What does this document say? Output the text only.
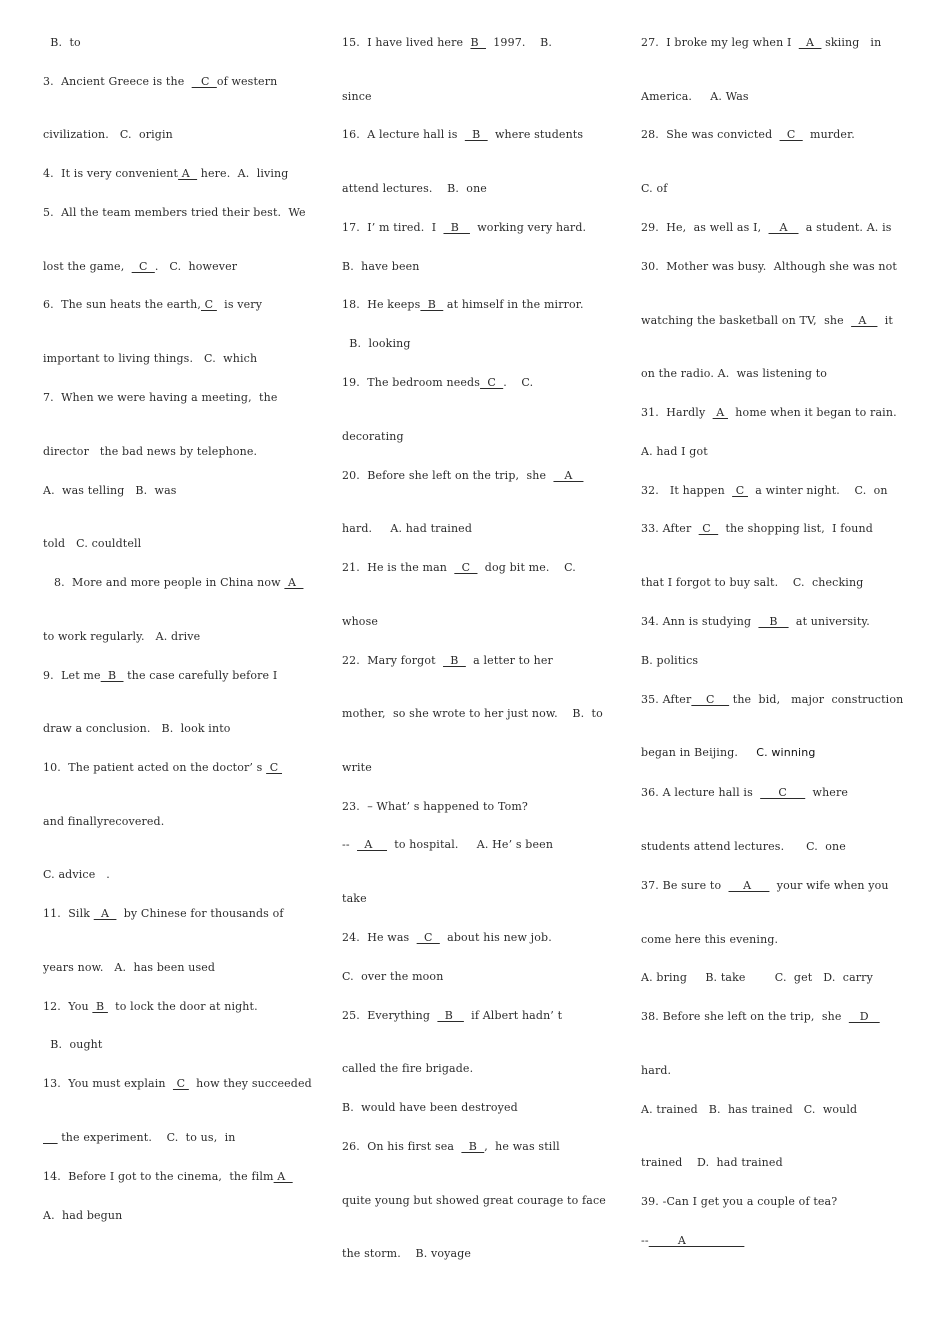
B.  to
3.  Ancient Greece is the   _C  of western
civilization.   C.  origin
4.  It is very convenient A   here.  A.  living
5.  All the team members tried their best.  We
lost the game,    C  .   C.  however
6.  The sun heats the earth, C   is very
important to living things.   C.  which
7.  When we were having a meeting,  the
director   the bad news by telephone.
A.  was telling   B.  was
told   C. couldtell
8.  More and more people in China now  A
to work regularly.   A. drive
9.  Let me  B   the case carefully before I
draw a conclusion.   B.  look into
10.  The patient acted on the doctor’ s  C
and finallyrecovered.
C. advice   .
11.  Silk   A    by Chinese for thousands of
years now.   A.  has been used
12.  You  B   to lock the door at night.
B.  ought
13.  You must explain   C   how they succeeded
the experiment.    C.  to us,  in
14.  Before I got to the cinema,  the film A
A.  had begun
15.  I have lived here  B    1997.    B.
since
16.  A lecture hall is    B    where students
attend lectures.    B.  one
17.  I’ m tired.  I    B     working very hard.
B.  have been
18.  He keeps  B   at himself in the mirror.
B.  looking
19.  The bedroom needs  C  .    C.
decorating
20.  Before she left on the trip,  she     A
hard.     A. had trained
21.  He is the man    C    dog bit me.    C.
whose
22.  Mary forgot    B    a letter to her
mother,  so she wrote to her just now.    B.  to
write
23.  – What’ s happened to Tom?
--    A      to hospital.     A. He’ s been
take
24.  He was    C    about his new job.
C.  over the moon
25.  Everything    B     if Albert hadn’ t
called the fire brigade.
B.  would have been destroyed
26.  On his first sea    B  ,  he was still
quite young but showed great courage to face
the storm.    B. voyage
27.  I broke my leg when I    A   skiing   in
America.     A. Was
28.  She was convicted    C    murder.
C. of
29.  He,  as well as I,     A     a student. A. is
30.  Mother was busy.  Although she was not
watching the basketball on TV,  she    A     it
on the radio. A.  was listening to
31.  Hardly   A   home when it began to rain.
A. had I got
32.   It happen   C   a winter night.    C.  on
33. After   C    the shopping list,  I found
that I forgot to buy salt.    C.  checking
34. Ann is studying     B     at university.
B. politics
35. After    C     the  bid,   major  construction
began in Beijing.     C. winning
36. A lecture hall is       C       where
students attend lectures.      C.  one
37. Be sure to      A       your wife when you
come here this evening.
A. bring     B. take        C.  get   D.  carry
38. Before she left on the trip,  she     D
hard.
A. trained   B.  has trained   C.  would
trained    D.  had trained
39. -Can I get you a couple of tea?
--        A
